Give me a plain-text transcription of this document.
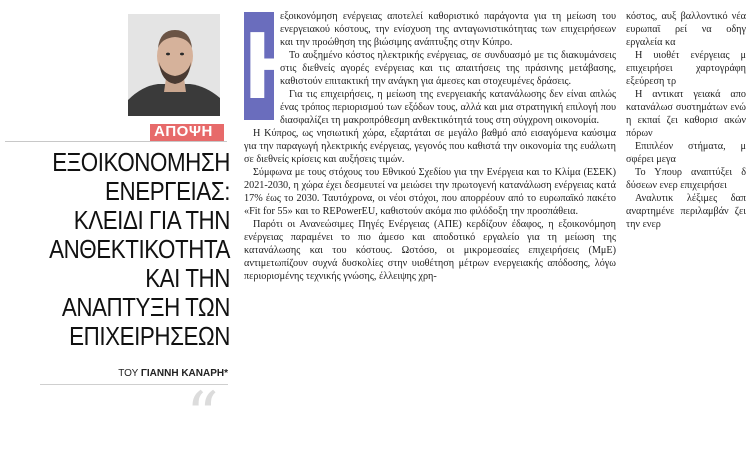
ΑΠΟΨΗ
ΕΞΟΙΚΟΝΟΜΗΣΗ
ΕΝΕΡΓΕΙΑΣ:
ΚΛΕΙΔΙ ΓΙΑ ΤΗΝ
ΑΝΘΕΚΤΙΚΟΤΗΤΑ
ΚΑΙ ΤΗΝ
ΑΝΑΠΤΥΞΗ ΤΩΝ
ΕΠΙΧΕΙΡΗΣΕΩΝ
ΤΟΥ ΓΙΑΝΝΗ ΚΑΝΑΡΗ*
“
Η

εξοικονόμηση ενέργειας αποτελεί καθοριστικό παράγοντα για τη μείωση του ενεργειακού κόστους, την ενίσχυση της ανταγωνιστικότητας των επιχειρήσεων και την προώθηση της βιώσιμης ανάπτυξης στην Κύπρο.

Το αυξημένο κόστος ηλεκτρικής ενέργειας, σε συνδυασμό με τις διακυμάνσεις στις διεθνείς αγορές ενέργειας και τις απαιτήσεις της πράσινης μετάβασης, καθιστούν επιτακτική την ανάγκη για άμεσες και στοχευμένες δράσεις.

Για τις επιχειρήσεις, η μείωση της ενεργειακής κατανάλωσης δεν είναι απλώς ένας τρόπος περιορισμού των εξόδων τους, αλλά και μια στρατηγική επιλογή που διασφαλίζει τη μακροπρόθεσμη ανθεκτικότητά τους στη σύγχρονη οικονομία.

Η Κύπρος, ως νησιωτική χώρα, εξαρτάται σε μεγάλο βαθμό από εισαγόμενα καύσιμα για την παραγωγή ηλεκτρικής ενέργειας, γεγονός που καθιστά την οικονομία της ευάλωτη σε διεθνείς κρίσεις και αυξήσεις τιμών.

Σύμφωνα με τους στόχους του Εθνικού Σχεδίου για την Ενέργεια και το Κλίμα (ΕΣΕΚ) 2021-2030, η χώρα έχει δεσμευτεί να μειώσει την πρωτογενή κατανάλωση ενέργειας κατά 17% έως το 2030. Ταυτόχρονα, οι νέοι στόχοι, που απορρέουν από το ευρωπαϊκό πακέτο «Fit for 55» και το REPowerEU, καθιστούν ακόμα πιο φιλόδοξη την προσπάθεια.

Παρότι οι Ανανεώσιμες Πηγές Ενέργειας (ΑΠΕ) κερδίζουν έδαφος, η εξοικονόμηση ενέργειας παραμένει το πιο άμεσο και αποδοτικό εργαλείο για τη μείωση της κατανάλωσης και του κόστους. Ωστόσο, οι μικρομεσαίες επιχειρήσεις (ΜμΕ) αντιμετωπίζουν συχνά δυσκολίες στην υιοθέτηση μέτρων ενεργειακής απόδοσης, λόγω περιορισμένης τεχνικής γνώσης, έλλειψης χρη-

κόστος, αυξ βαλλοντικό νέα ευρωπαϊ ρεί να οδηγ εργαλεία κα

Η υιοθέτ ενέργειας μ επιχειρήσει χαρτογράφη εξεύρεση τρ

Η αντικατ γειακά απο κατανάλωσ συστημάτων ενώ η εκπαί ζει καθορισ ακών πόρων

Επιπλέον στήματα, μ σφέρει μεγα

Το Υπουρ αναπτύξει δ δύσεων ενερ επιχειρήσει

Αναλυτικ λέξιμες δαπ αναρτημένε περιλαμβάν ζει την ενερ
